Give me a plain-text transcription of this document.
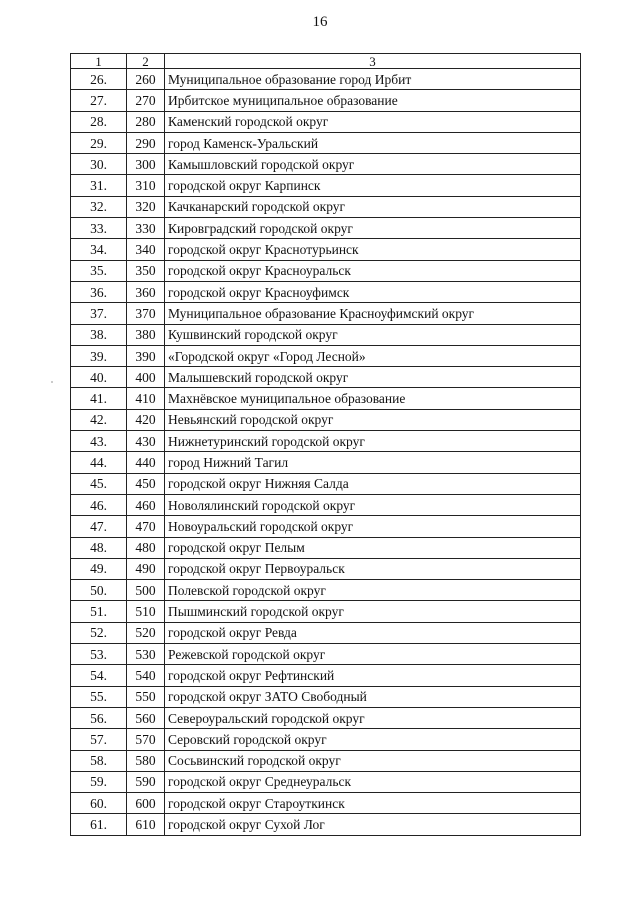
16
1	2	3
26.	260	Муниципальное образование город Ирбит
27.	270	Ирбитское муниципальное образование
28.	280	Каменский городской округ
29.	290	город Каменск-Уральский
30.	300	Камышловский городской округ
31.	310	городской округ Карпинск
32.	320	Качканарский городской округ
33.	330	Кировградский городской округ
34.	340	городской округ Краснотурьинск
35.	350	городской округ Красноуральск
36.	360	городской округ Красноуфимск
37.	370	Муниципальное образование Красноуфимский округ
38.	380	Кушвинский городской округ
39.	390	«Городской округ «Город Лесной»
40.	400	Малышевский городской округ
41.	410	Махнёвское муниципальное образование
42.	420	Невьянский городской округ
43.	430	Нижнетуринский городской округ
44.	440	город Нижний Тагил
45.	450	городской округ Нижняя Салда
46.	460	Новолялинский городской округ
47.	470	Новоуральский городской округ
48.	480	городской округ Пелым
49.	490	городской округ Первоуральск
50.	500	Полевской городской округ
51.	510	Пышминский городской округ
52.	520	городской округ Ревда
53.	530	Режевской городской округ
54.	540	городской округ Рефтинский
55.	550	городской округ ЗАТО Свободный
56.	560	Североуральский городской округ
57.	570	Серовский городской округ
58.	580	Сосьвинский городской округ
59.	590	городской округ Среднеуральск
60.	600	городской округ Староуткинск
61.	610	городской округ Сухой Лог
